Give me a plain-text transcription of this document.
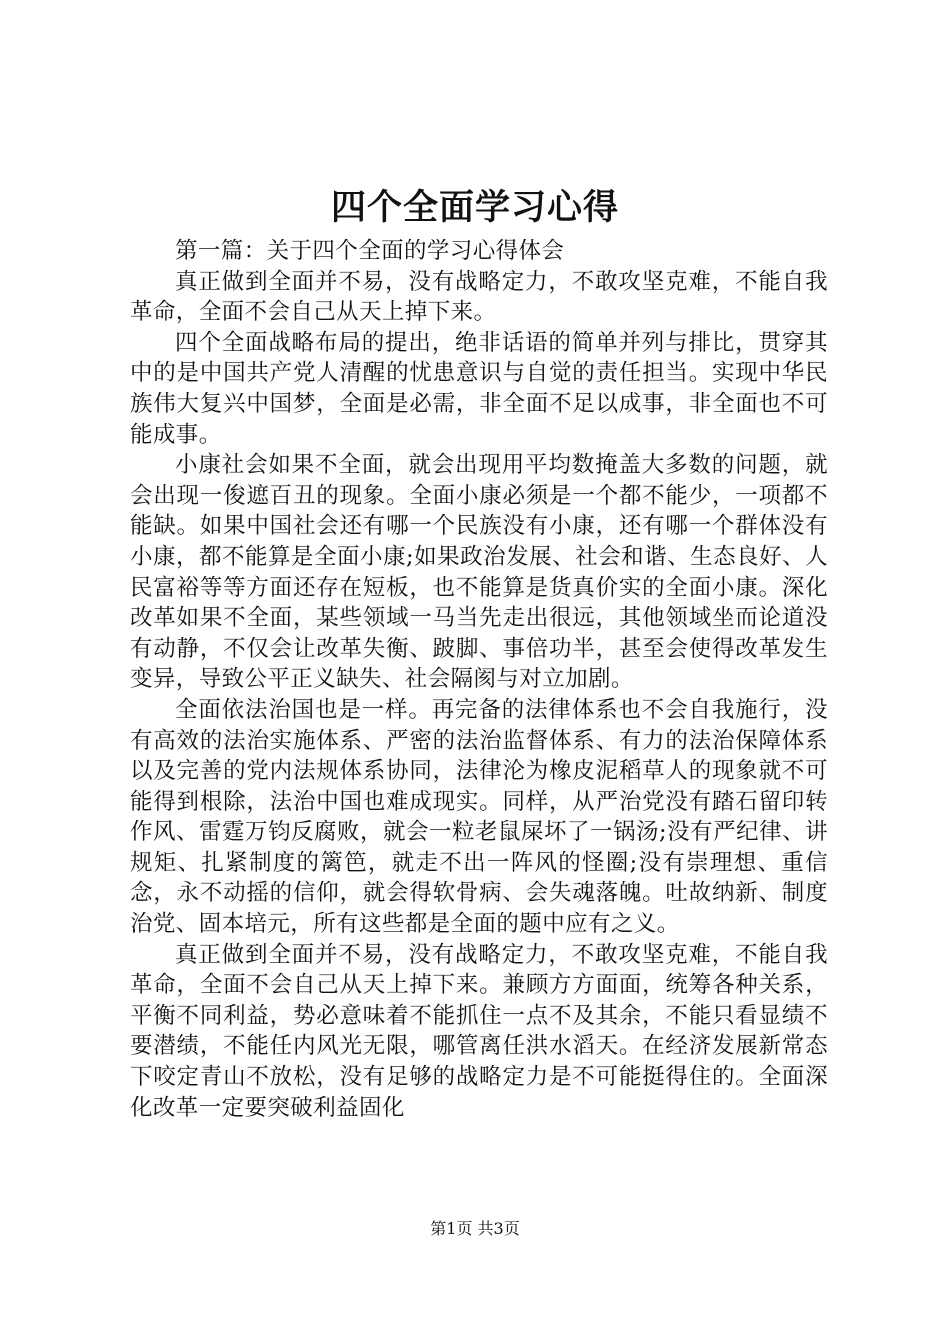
四个全面学习心得

第一篇：关于四个全面的学习心得体会

真正做到全面并不易，没有战略定力，不敢攻坚克难，不能自我革命，全面不会自己从天上掉下来。

四个全面战略布局的提出，绝非话语的简单并列与排比，贯穿其中的是中国共产党人清醒的忧患意识与自觉的责任担当。实现中华民族伟大复兴中国梦，全面是必需，非全面不足以成事，非全面也不可能成事。

小康社会如果不全面，就会出现用平均数掩盖大多数的问题，就会出现一俊遮百丑的现象。全面小康必须是一个都不能少，一项都不能缺。如果中国社会还有哪一个民族没有小康，还有哪一个群体没有小康，都不能算是全面小康;如果政治发展、社会和谐、生态良好、人民富裕等等方面还存在短板，也不能算是货真价实的全面小康。深化改革如果不全面，某些领域一马当先走出很远，其他领域坐而论道没有动静，不仅会让改革失衡、跛脚、事倍功半，甚至会使得改革发生变异，导致公平正义缺失、社会隔阂与对立加剧。

全面依法治国也是一样。再完备的法律体系也不会自我施行，没有高效的法治实施体系、严密的法治监督体系、有力的法治保障体系以及完善的党内法规体系协同，法律沦为橡皮泥稻草人的现象就不可能得到根除，法治中国也难成现实。同样，从严治党没有踏石留印转作风、雷霆万钧反腐败，就会一粒老鼠屎坏了一锅汤;没有严纪律、讲规矩、扎紧制度的篱笆，就走不出一阵风的怪圈;没有崇理想、重信念，永不动摇的信仰，就会得软骨病、会失魂落魄。吐故纳新、制度治党、固本培元，所有这些都是全面的题中应有之义。

真正做到全面并不易，没有战略定力，不敢攻坚克难，不能自我革命，全面不会自己从天上掉下来。兼顾方方面面，统筹各种关系，平衡不同利益，势必意味着不能抓住一点不及其余，不能只看显绩不要潜绩，不能任内风光无限，哪管离任洪水滔天。在经济发展新常态下咬定青山不放松，没有足够的战略定力是不可能挺得住的。全面深化改革一定要突破利益固化

第1页 共3页
